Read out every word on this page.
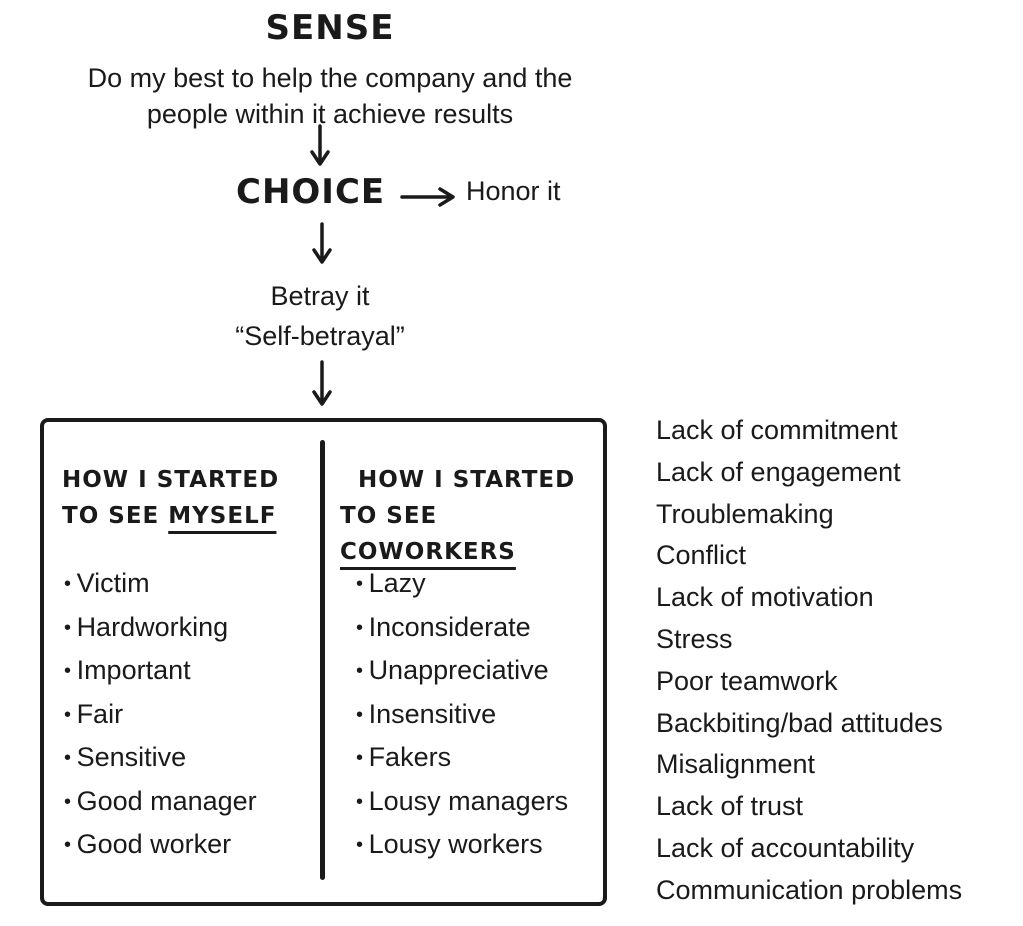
SENSE
Do my best to help the company and the
people within it achieve results
CHOICE	Honor it
Betray it
“Self-betrayal”
HOW I STARTED
TO SEE MYSELF
• Victim
• Hardworking
• Important
• Fair
• Sensitive
• Good manager
• Good worker
HOW I STARTED
TO SEE COWORKERS
• Lazy
• Inconsiderate
• Unappreciative
• Insensitive
• Fakers
• Lousy managers
• Lousy workers
Lack of commitment
Lack of engagement
Troublemaking
Conflict
Lack of motivation
Stress
Poor teamwork
Backbiting/bad attitudes
Misalignment
Lack of trust
Lack of accountability
Communication problems
